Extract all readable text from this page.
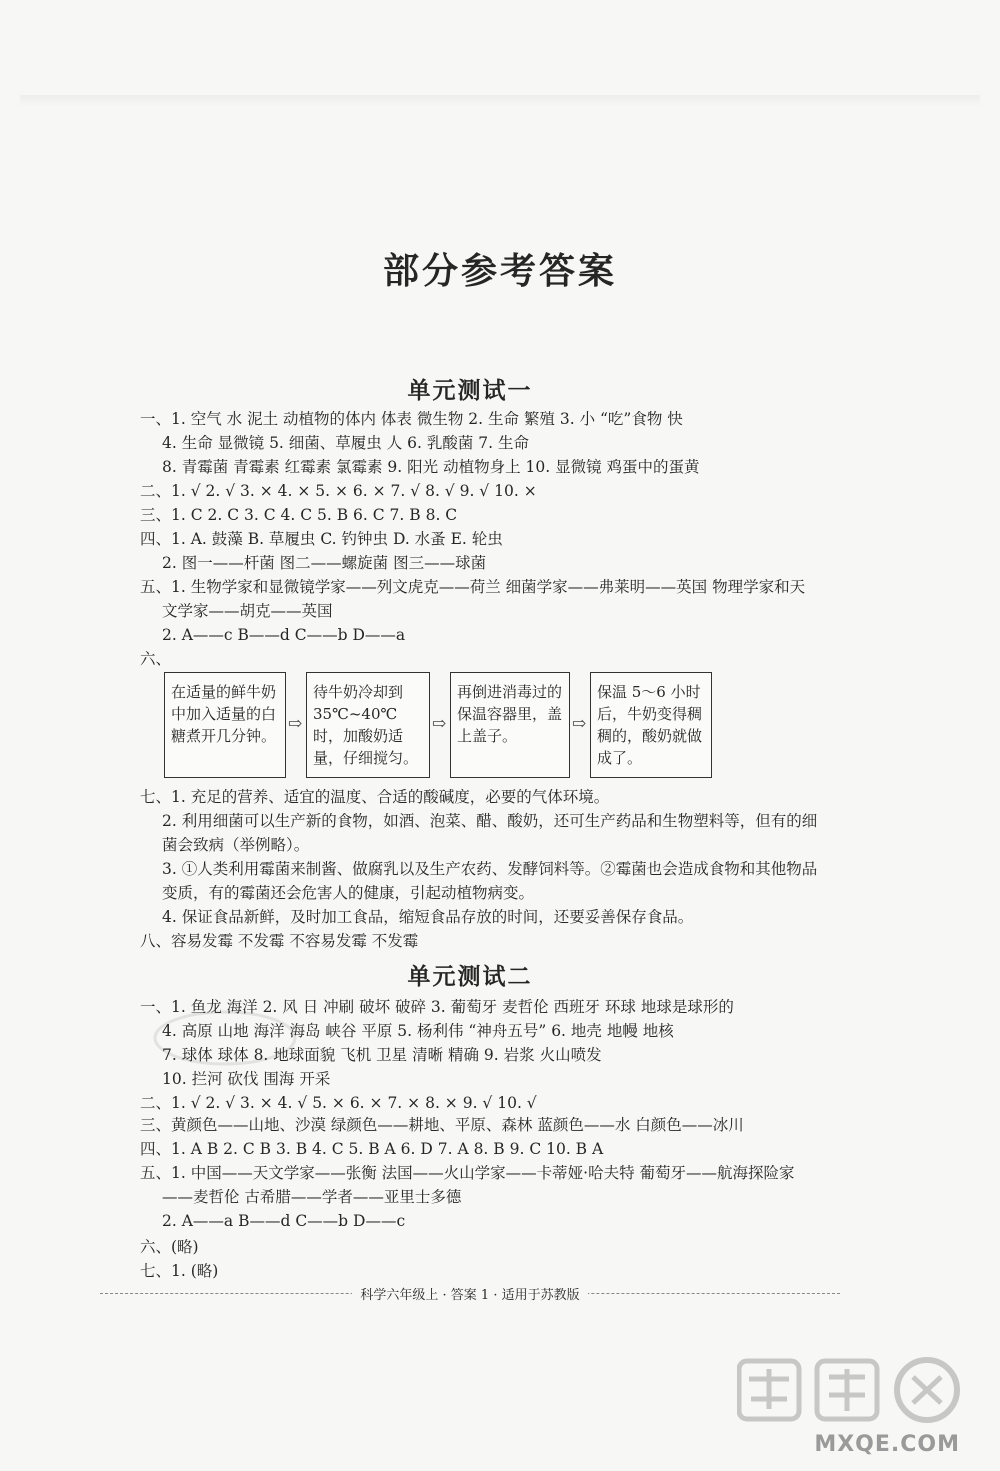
部分参考答案
单元测试一
一、1. 空气 水 泥土 动植物的体内 体表 微生物 2. 生命 繁殖 3. 小 “吃”食物 快
4. 生命 显微镜 5. 细菌、草履虫 人 6. 乳酸菌 7. 生命
8. 青霉菌 青霉素 红霉素 氯霉素 9. 阳光 动植物身上 10. 显微镜 鸡蛋中的蛋黄
二、1. √ 2. √ 3. × 4. × 5. × 6. × 7. √ 8. √ 9. √ 10. ×
三、1. C 2. C 3. C 4. C 5. B 6. C 7. B 8. C
四、1. A. 鼓藻 B. 草履虫 C. 钓钟虫 D. 水蚤 E. 轮虫
2. 图一——杆菌 图二——螺旋菌 图三——球菌
五、1. 生物学家和显微镜学家——列文虎克——荷兰 细菌学家——弗莱明——英国 物理学家和天
文学家——胡克——英国
2. A——c B——d C——b D——a
六、
在适量的鲜牛奶中加入适量的白糖煮开几分钟。
⇨
待牛奶冷却到35℃~40℃时，加酸奶适量，仔细搅匀。
⇨
再倒进消毒过的保温容器里，盖上盖子。
⇨
保温 5～6 小时后，牛奶变得稠稠的，酸奶就做成了。
七、1. 充足的营养、适宜的温度、合适的酸碱度，必要的气体环境。
2. 利用细菌可以生产新的食物，如酒、泡菜、醋、酸奶，还可生产药品和生物塑料等，但有的细
菌会致病（举例略）。
3. ①人类利用霉菌来制酱、做腐乳以及生产农药、发酵饲料等。②霉菌也会造成食物和其他物品
变质，有的霉菌还会危害人的健康，引起动植物病变。
4. 保证食品新鲜，及时加工食品，缩短食品存放的时间，还要妥善保存食品。
八、容易发霉 不发霉 不容易发霉 不发霉
单元测试二
一、1. 鱼龙 海洋 2. 风 日 冲刷 破坏 破碎 3. 葡萄牙 麦哲伦 西班牙 环球 地球是球形的
4. 高原 山地 海洋 海岛 峡谷 平原 5. 杨利伟 “神舟五号” 6. 地壳 地幔 地核
7. 球体 球体 8. 地球面貌 飞机 卫星 清晰 精确 9. 岩浆 火山喷发
10. 拦河 砍伐 围海 开采
二、1. √ 2. √ 3. × 4. √ 5. × 6. × 7. × 8. × 9. √ 10. √
三、黄颜色——山地、沙漠 绿颜色——耕地、平原、森林 蓝颜色——水 白颜色——冰川
四、1. A B 2. C B 3. B 4. C 5. B A 6. D 7. A 8. B 9. C 10. B A
五、1. 中国——天文学家——张衡 法国——火山学家——卡蒂娅·哈夫特 葡萄牙——航海探险家
——麦哲伦 古希腊——学者——亚里士多德
2. A——a B——d C——b D——c
六、(略)
七、1. (略)
科学六年级上 · 答案 1 · 适用于苏教版
MXQE.COM
